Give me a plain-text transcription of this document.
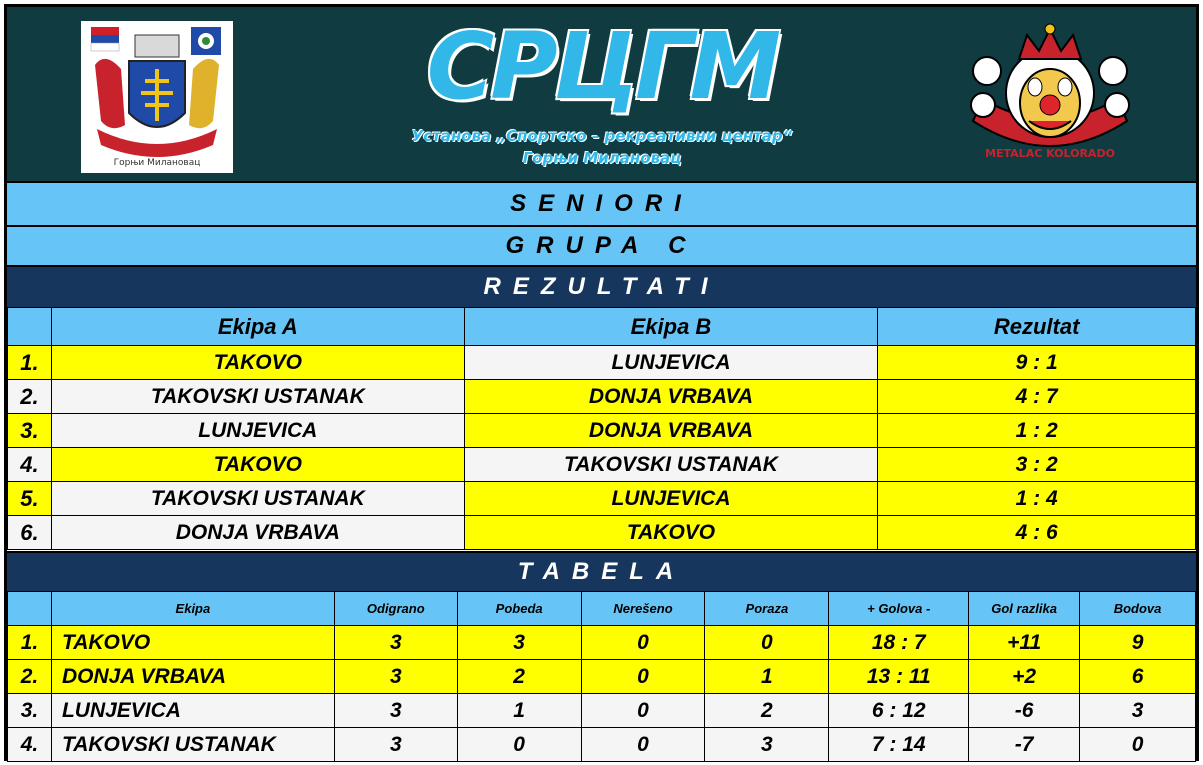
Горњи Милановац
СРЦГМ
Установа „Спортско – рекреативни центар“
Горњи Милановац	METALAC KOLORADO
SENIORI
GRUPA C
REZULTATI
	Ekipa A	Ekipa B	Rezultat
1.	TAKOVO	LUNJEVICA	9 : 1
2.	TAKOVSKI USTANAK	DONJA VRBAVA	4 : 7
3.	LUNJEVICA	DONJA VRBAVA	1 : 2
4.	TAKOVO	TAKOVSKI USTANAK	3 : 2
5.	TAKOVSKI USTANAK	LUNJEVICA	1 : 4
6.	DONJA VRBAVA	TAKOVO	4 : 6
TABELA
	Ekipa	Odigrano	Pobeda	Nerešeno	Poraza	+ Golova -	Gol razlika	Bodova
1.	TAKOVO	3	3	0	0	18 : 7	+11	9
2.	DONJA VRBAVA	3	2	0	1	13 : 11	+2	6
3.	LUNJEVICA	3	1	0	2	6 : 12	-6	3
4.	TAKOVSKI USTANAK	3	0	0	3	7 : 14	-7	0
